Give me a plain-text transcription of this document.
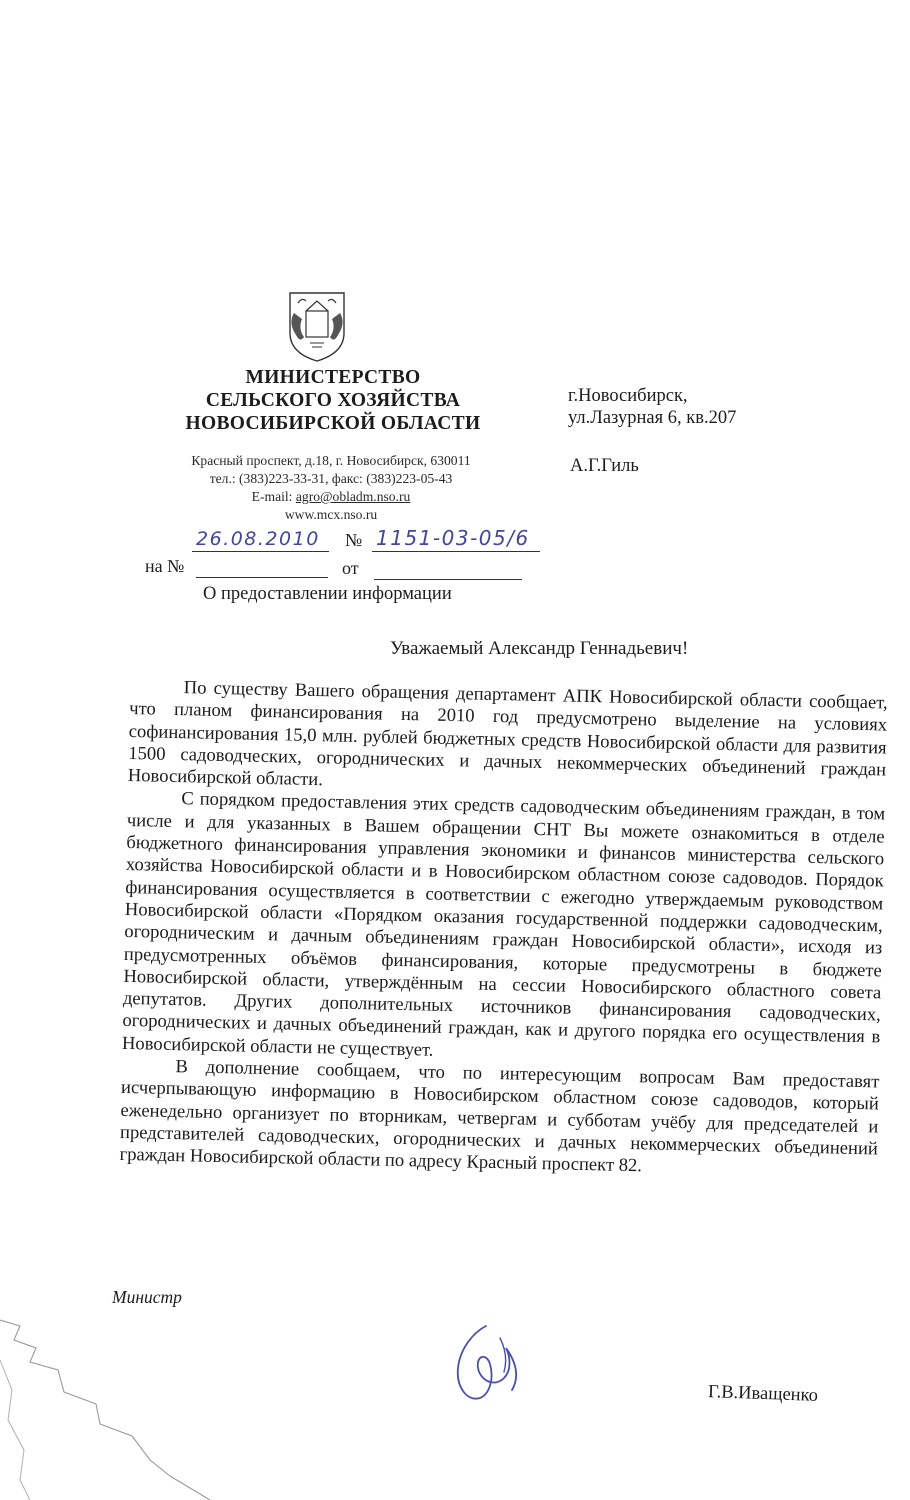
МИНИСТЕРСТВО
СЕЛЬСКОГО ХОЗЯЙСТВА
НОВОСИБИРСКОЙ ОБЛАСТИ
Красный проспект, д.18, г. Новосибирск, 630011
тел.: (383)223-33-31, факс: (383)223-05-43
E-mail: agro@obladm.nso.ru
www.mcx.nso.ru
г.Новосибирск,
ул.Лазурная 6, кв.207
А.Г.Гиль
26.08.2010 № 1151-03-05/6
на №	от
О предоставлении информации
Уважаемый Александр Геннадьевич!

По существу Вашего обращения департамент АПК Новосибирской области сообщает, что планом финансирования на 2010 год предусмотрено выделение на условиях софинансирования 15,0 млн. рублей бюджетных средств Новосибирской области для развития 1500 садоводческих, огороднических и дачных некоммерческих объединений граждан Новосибирской области.

С порядком предоставления этих средств садоводческим объединениям граждан, в том числе и для указанных в Вашем обращении СНТ Вы можете ознакомиться в отделе бюджетного финансирования управления экономики и финансов министерства сельского хозяйства Новосибирской области и в Новосибирском областном союзе садоводов. Порядок финансирования осуществляется в соответствии с ежегодно утверждаемым руководством Новосибирской области «Порядком оказания государственной поддержки садоводческим, огородническим и дачным объединениям граждан Новосибирской области», исходя из предусмотренных объёмов финансирования, которые предусмотрены в бюджете Новосибирской области, утверждённым на сессии Новосибирского областного совета депутатов. Других дополнительных источников финансирования садоводческих, огороднических и дачных объединений граждан, как и другого порядка его осуществления в Новосибирской области не существует.

В дополнение сообщаем, что по интересующим вопросам Вам предоставят исчерпывающую информацию в Новосибирском областном союзе садоводов, который еженедельно организует по вторникам, четвергам и субботам учёбу для председателей и представителей садоводческих, огороднических и дачных некоммерческих объединений граждан Новосибирской области по адресу Красный проспект 82.

Министр
Г.В.Иващенко
